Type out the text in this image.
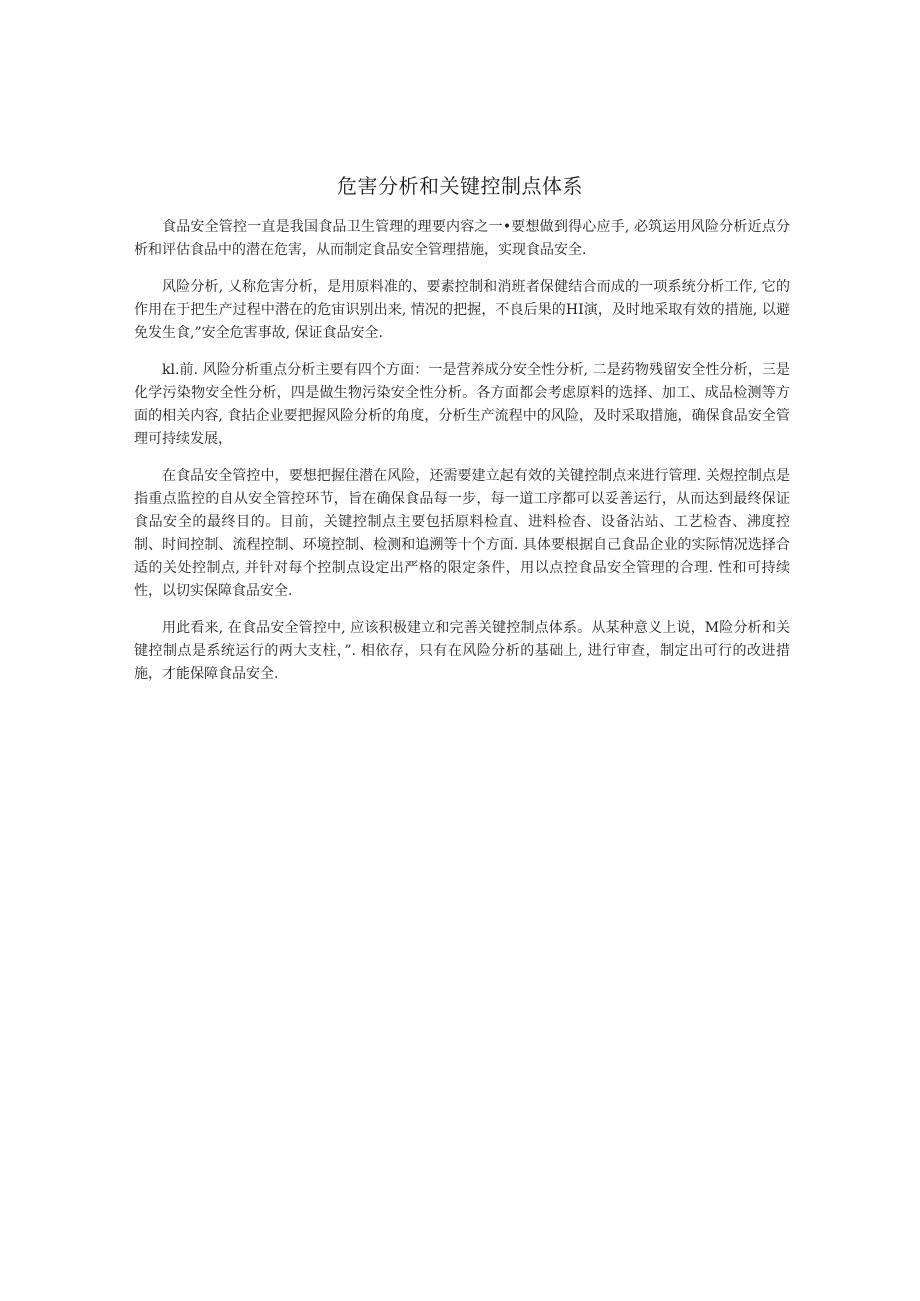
危害分析和关键控制点体系

食品安全管控一直是我国食品卫生管理的理要内容之一•要想做到得心应手, 必筑运用风险分析近点分析和评估食品中的潜在危害，从而制定食品安全管理措施，实现食品安全.

风险分析, 乂称危害分析，是用原料准的、要素控制和消班者保健结合而成的一项系统分析工作, 它的作用在于把生产过程中潜在的危宙识别出来, 情况的把握，不良后果的HI演，及时地采取有效的措施, 以避免发生食,”安全危害事故, 保证食品安全.

kl.前. 风险分析重点分析主要有四个方面：一是营养成分安全性分析, 二是药物残留安全性分析，三是化学污染物安全性分析，四是做生物污染安全性分析。各方面都会考虑原料的选择、加工、成品检测等方面的相关内容, 食拈企业要把握风险分析的角度，分析生产流程中的风险，及时采取措施，确保食品安全管理可持续发展，

在食品安全管控中，要想把握住潜在风险，还需要建立起有效的关键控制点来进行管理. 关煜控制点是指重点监控的自从安全管控环节，旨在确保食品每一步，每一道工序都可以妥善运行，从而达到最终保证食品安全的最终目的。目前，关键控制点主要包括原料检直、进料检杳、设备沾站、工艺检杳、沸度控制、时间控制、流程控制、环境控制、检测和追溯等十个方面. 具体要根据自己食品企业的实际情况选择合适的关处控制点, 并针对每个控制点设定出严格的限定条件，用以点控食品安全管理的合理. 性和可持续性，以切实保障食品安全.

用此看来, 在食品安全管控中, 应该积极建立和完善关键控制点体系。从某种意义上说，M险分析和关键控制点是系统运行的两大支柱，”. 相依存，只有在风险分析的基础上, 进行审查，制定出可行的改进措施，才能保障食品安全.
